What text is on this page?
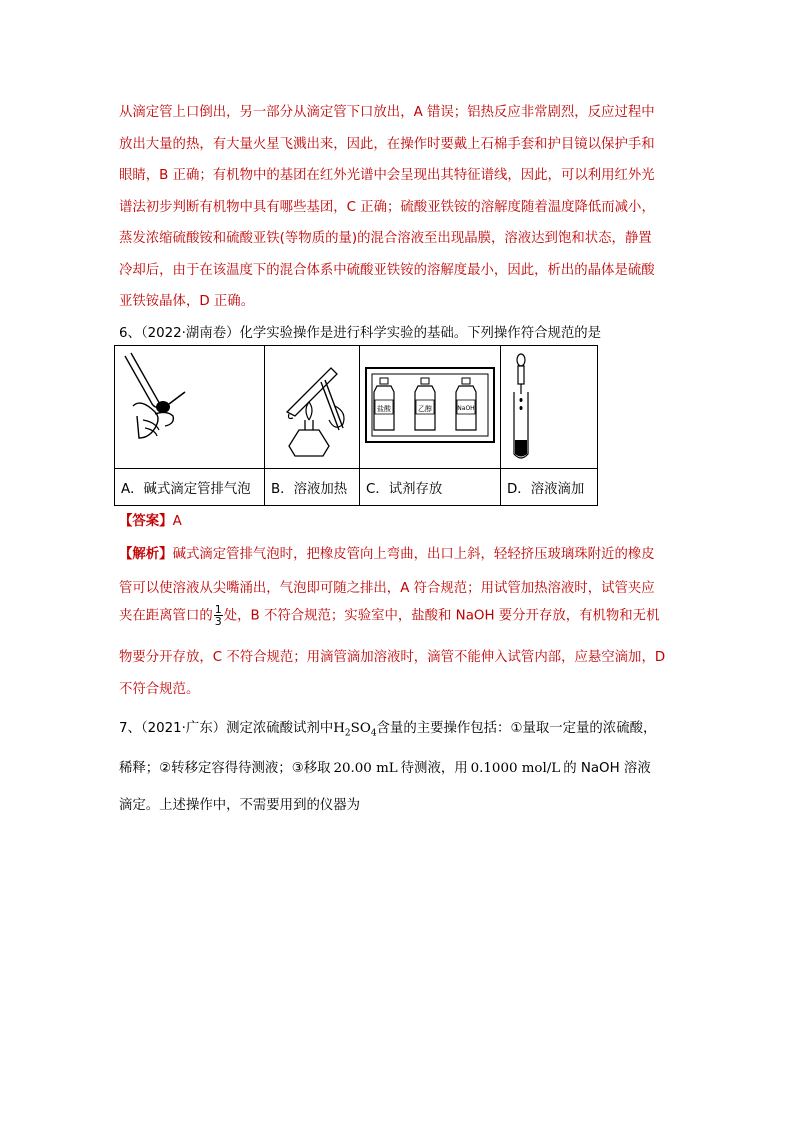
从滴定管上口倒出，另一部分从滴定管下口放出，A 错误；铝热反应非常剧烈，反应过程中
放出大量的热，有大量火星飞溅出来，因此，在操作时要戴上石棉手套和护目镜以保护手和
眼睛，B 正确；有机物中的基团在红外光谱中会呈现出其特征谱线，因此，可以利用红外光
谱法初步判断有机物中具有哪些基团，C 正确；硫酸亚铁铵的溶解度随着温度降低而减小，
蒸发浓缩硫酸铵和硫酸亚铁(等物质的量)的混合溶液至出现晶膜，溶液达到饱和状态，静置
冷却后，由于在该温度下的混合体系中硫酸亚铁铵的溶解度最小，因此，析出的晶体是硫酸
亚铁铵晶体，D 正确。
6、（2022·湖南卷）化学实验操作是进行科学实验的基础。下列操作符合规范的是

盐酸 乙醇 NaOH

A．碱式滴定管排气泡	B．溶液加热	C．试剂存放	D．溶液滴加
【答案】A
【解析】碱式滴定管排气泡时，把橡皮管向上弯曲，出口上斜，轻轻挤压玻璃珠附近的橡皮
管可以使溶液从尖嘴涌出，气泡即可随之排出，A 符合规范；用试管加热溶液时，试管夹应
夹在距离管口的 $\frac{1}{3}$ 处，B 不符合规范；实验室中，盐酸和 NaOH 要分开存放，有机物和无机
物要分开存放，C 不符合规范；用滴管滴加溶液时，滴管不能伸入试管内部，应悬空滴加，D
不符合规范。
7、（2021·广东）测定浓硫酸试剂中$H_2SO_4$含量的主要操作包括：①量取一定量的浓硫酸，
稀释；②转移定容得待测液；③移取 20.00 mL 待测液，用 0.1000 mol/L 的 NaOH 溶液
滴定。上述操作中，不需要用到的仪器为
